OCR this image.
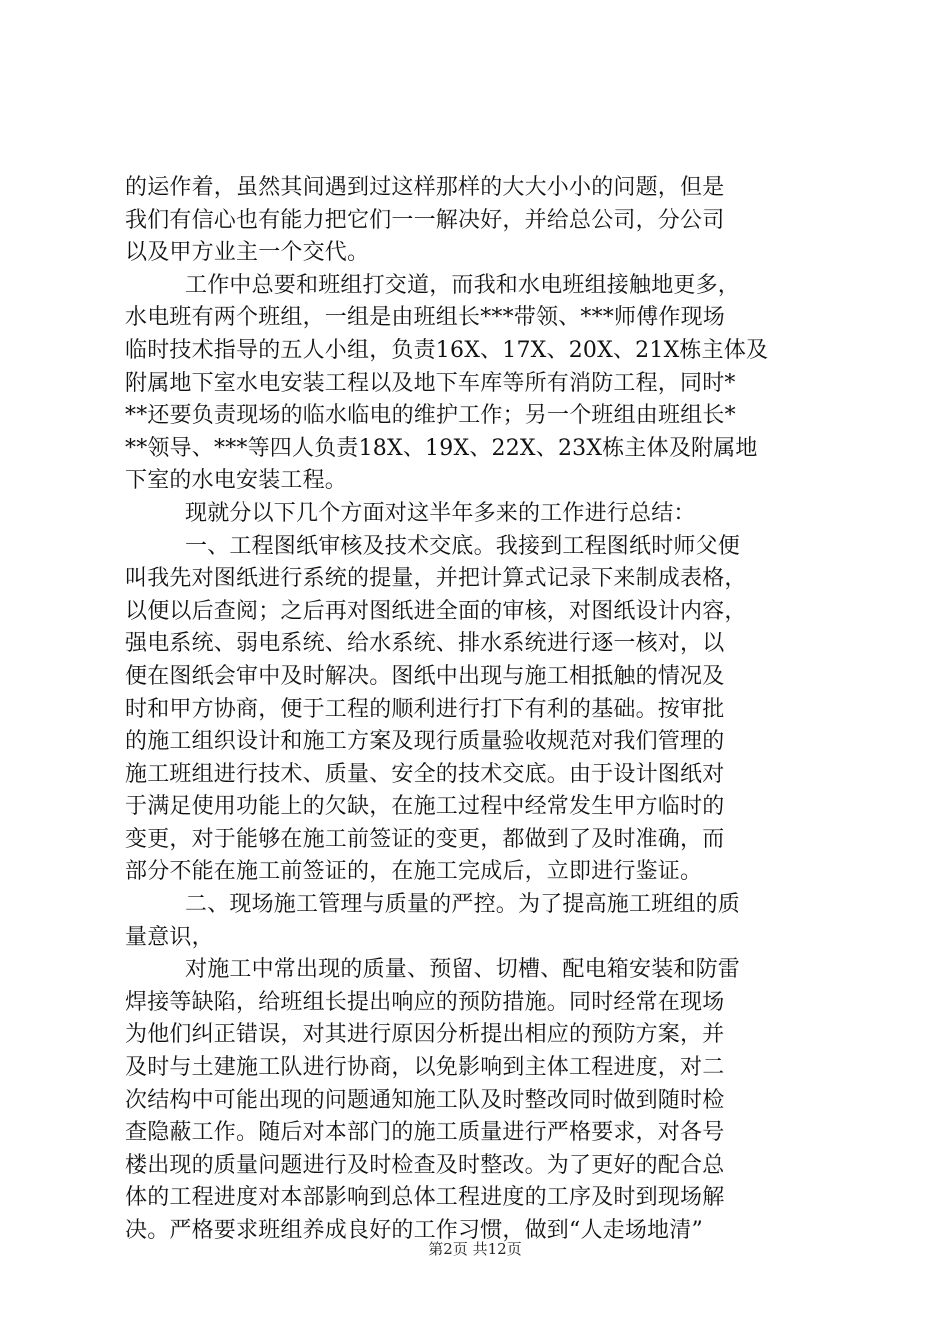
的运作着，虽然其间遇到过这样那样的大大小小的问题，但是
我们有信心也有能力把它们一一解决好，并给总公司，分公司
以及甲方业主一个交代。
工作中总要和班组打交道，而我和水电班组接触地更多，
水电班有两个班组，一组是由班组长***带领、***师傅作现场
临时技术指导的五人小组，负责16X、17X、20X、21X栋主体及
附属地下室水电安装工程以及地下车库等所有消防工程，同时*
**还要负责现场的临水临电的维护工作；另一个班组由班组长*
**领导、***等四人负责18X、19X、22X、23X栋主体及附属地
下室的水电安装工程。
现就分以下几个方面对这半年多来的工作进行总结：
一、工程图纸审核及技术交底。我接到工程图纸时师父便
叫我先对图纸进行系统的提量，并把计算式记录下来制成表格，
以便以后查阅；之后再对图纸进全面的审核，对图纸设计内容，
强电系统、弱电系统、给水系统、排水系统进行逐一核对，以
便在图纸会审中及时解决。图纸中出现与施工相抵触的情况及
时和甲方协商，便于工程的顺利进行打下有利的基础。按审批
的施工组织设计和施工方案及现行质量验收规范对我们管理的
施工班组进行技术、质量、安全的技术交底。由于设计图纸对
于满足使用功能上的欠缺，在施工过程中经常发生甲方临时的
变更，对于能够在施工前签证的变更，都做到了及时准确，而
部分不能在施工前签证的，在施工完成后，立即进行鉴证。
二、现场施工管理与质量的严控。为了提高施工班组的质
量意识，
对施工中常出现的质量、预留、切槽、配电箱安装和防雷
焊接等缺陷，给班组长提出响应的预防措施。同时经常在现场
为他们纠正错误，对其进行原因分析提出相应的预防方案，并
及时与土建施工队进行协商，以免影响到主体工程进度，对二
次结构中可能出现的问题通知施工队及时整改同时做到随时检
查隐蔽工作。随后对本部门的施工质量进行严格要求，对各号
楼出现的质量问题进行及时检查及时整改。为了更好的配合总
体的工程进度对本部影响到总体工程进度的工序及时到现场解
决。严格要求班组养成良好的工作习惯，做到“人走场地清”
第2页 共12页
